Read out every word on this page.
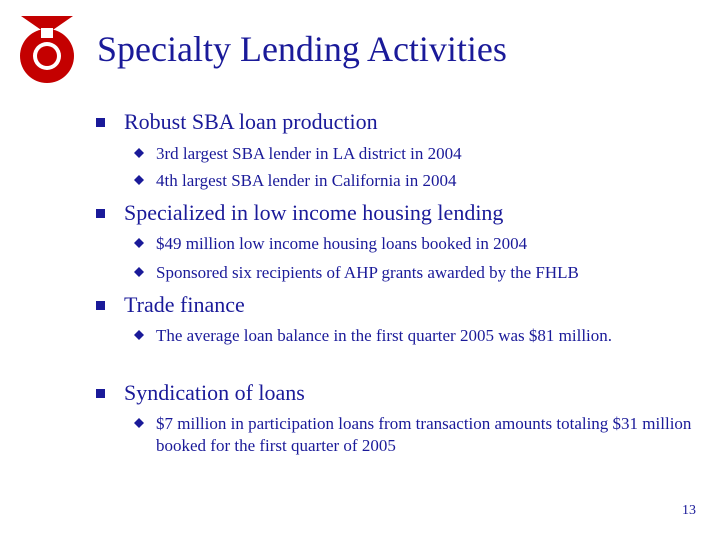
Specialty Lending Activities
Robust SBA loan production
3rd largest SBA lender in LA district in 2004
4th largest SBA lender in California in 2004
Specialized in low income housing lending
$49 million low income housing loans booked in 2004
Sponsored six recipients of AHP grants awarded by the FHLB
Trade finance
The average loan balance in the first quarter 2005 was $81 million.
Syndication of loans
$7 million in participation loans from transaction amounts totaling $31 million booked for the first quarter of 2005
13
